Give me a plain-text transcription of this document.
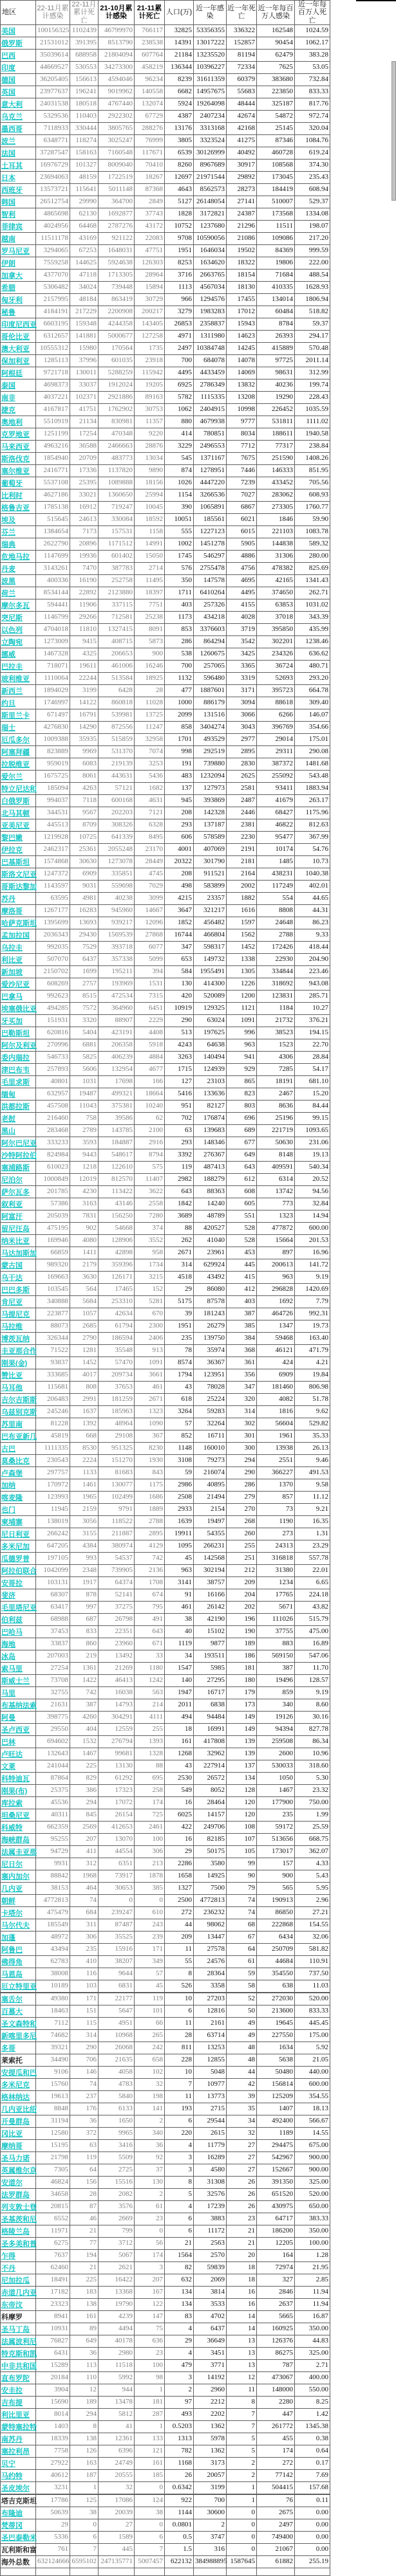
地区	22-11月累计感染	22-11月累计死亡	21-10月累计感染	21-11累计死亡	人口(万)	近一年感染	近一年死亡	近一年每百万人感染	近一年每百万人死亡
美国	100156325	1102439	46799970	766117	32825	53356355	336322	162548	1024.59
俄罗斯	21531012	391395	8513790	238538	14391	13017222	152857	90454	1062.17
巴西	35039614	688958	21804094	607764	21184	13235520	81194	62479	383.28
印度	44669527	530553	34273300	458219	136344	10396227	72334	7625	53.05
德国	36205405	156613	4594046	96234	8239	31611359	60379	383680	732.84
英国	23977637	196241	9019962	140558	6682	14957675	55683	223850	833.33
意大利	24031538	180518	4767440	132074	5924	19264098	48444	325187	817.76
乌克兰	5329536	110403	2922302	67729	4387	2407234	42674	54872	972.74
墨西哥	7118933	330444	3805765	288276	13176	3313168	42168	25145	320.04
波兰	6348771	118274	3025247	76999	3805	3323524	41275	87346	1084.76
法国	37287547	158163	7160548	117671	6539	30126999	40492	460728	619.24
土耳其	16976729	101327	8009040	70410	8260	8967689	30917	108568	374.30
日本	23694063	48159	1722519	18267	12697	21971544	29892	173045	235.43
西班牙	13573721	115641	5011148	87368	4643	8562573	28273	184419	608.94
韩国	26512754	29990	364700	2849	5127	26148054	27141	510007	529.37
智利	4865698	62130	1692877	37743	1828	3172821	24387	173568	1334.08
菲律宾	4024956	64468	2787276	43172	10752	1237680	21296	11511	198.07
越南	11511178	43169	921122	22083	9708	10590056	21086	109086	217.20
罗马尼亚	3294065	67253	1648031	47751	1951	1646034	19502	84369	999.59
伊朗	7559258	144625	5924638	126303	8253	1634620	18322	19806	222.00
加拿大	4377070	47118	1713305	28964	3716	2663765	18154	71684	488.54
希腊	5306482	34024	739448	15894	1113	4567034	18130	410335	1628.93
匈牙利	2157995	48184	863419	30729	966	1294576	17455	134014	1806.94
秘鲁	4184191	217229	2200908	200217	3279	1983283	17012	60484	518.82
印度尼西亚	6603195	159348	4244358	143405	26853	2358837	15943	8784	59.37
哥伦比亚	6312657	141881	5000677	127258	4971	1311980	14623	26393	294.17
澳大利亚	10555312	15980	170564	1735	2497	10384748	14245	415889	570.48
保加利亚	1285113	37996	601035	23918	700	684078	14078	97725	2011.14
阿根廷	9721718	130011	5288259	115942	4495	4433459	14069	98631	312.99
泰国	4698373	33037	1912024	19205	6925	2786349	13832	40236	199.74
南非	4037221	102371	2921886	89163	5782	1115335	13208	19290	228.43
捷克	4167817	41751	1762902	30753	1062	2404915	10998	226452	1035.59
奥地利	5510919	21134	830981	11357	880	4679938	9777	531811	1111.02
克罗地亚	1251199	17254	470348	9220	414	780851	8034	188611	1940.58
马来西亚	4963216	36588	2466663	28876	3229	2496553	7712	77317	238.84
斯洛伐克	1854940	20709	483773	13034	545	1371167	7675	251590	1408.26
塞尔维亚	2416771	17336	1137820	9890	874	1278951	7446	146333	851.95
葡萄牙	5537108	25395	1089888	18156	1026	4447220	7239	433452	705.56
比利时	4627186	33021	1360650	25994	1154	3266536	7027	283062	608.93
格鲁吉亚	1785138	16912	719247	10045	390	1065891	6867	273305	1760.77
埃及	515645	24613	330084	18592	10051	185561	6021	1846	59.90
芬兰	1384654	7173	157531	1158	555	1227123	6015	221103	1083.78
瑞典	2622790	20896	1171512	14991	1002	1451278	5905	144838	589.32
危地马拉	1147699	19936	601402	15050	1745	546297	4886	31306	280.00
丹麦	3143261	7470	387783	2714	576	2755478	4756	478382	825.69
波黑	400336	16190	252758	11495	350	147578	4695	42165	1341.43
荷兰	8534144	22892	2123880	18397	1711	6410264	4495	374650	262.71
摩尔多瓦	594441	11906	337115	7751	403	257326	4155	63853	1031.02
突尼斯	1146799	29266	712581	25238	1173	434218	4028	37018	343.39
以色列	4704018	11810	1327415	8091	853	3376603	3719	395850	435.99
立陶宛	1273009	9415	408715	5873	286	864294	3542	302201	1238.46
挪威	1467328	4325	206653	900	538	1260675	3425	234326	636.62
巴拉圭	718071	19611	461006	16246	700	257065	3365	36724	480.71
玻利维亚	1110064	22244	513584	18925	1132	596480	3319	52693	293.20
新西兰	1894029	3199	6428	28	477	1887601	3171	395723	664.78
约旦	1746997	14122	860818	11028	1000	886179	3094	88618	309.40
斯里兰卡	671497	16791	539981	13725	2099	131516	3066	6266	146.07
瑞士	4276830	14290	872556	11247	858	3404274	3043	396769	354.66
厄瓜多尔	1009388	35935	515859	32958	1701	493529	2977	29014	175.01
阿塞拜疆	823889	9969	531370	7074	998	292519	2895	29311	290.08
拉脱维亚	959019	6083	219139	3253	191	739880	2830	387372	1481.68
爱尔兰	1675725	8061	443631	5436	483	1232094	2625	255092	543.48
特立尼达和	185094	4263	57121	1682	137	127973	2581	93411	1883.94
白俄罗斯	994037	7118	600168	4631	945	393869	2487	41679	263.17
北马其顿	344531	9567	202203	7121	208	142328	2446	68427	1175.96
亚美尼亚	445513	8709	308326	6328	293	137187	2381	46822	812.63
黎巴嫩	1219928	10725	641339	8495	606	578589	2230	95477	367.99
伊拉克	2462317	25361	2055248	23170	4001	407069	2191	10174	54.76
巴基斯坦	1574868	30630	1273078	28449	20322	301790	2181	1485	10.73
斯洛文尼亚	1247372	6909	335851	4745	208	911521	2164	438231	1040.38
哥斯达黎加	1143597	9031	559698	7029	498	583899	2002	117249	402.01
苏丹	63595	4981	40238	3099	4215	23357	1882	554	44.65
摩洛哥	1267177	16283	945960	14667	3647	321217	1616	8808	44.31
哈萨克斯坦	1395699	13693	939217	12096	1852	456482	1597	24648	86.23
孟加拉国	2036343	29430	1569539	27868	16744	466804	1562	2788	9.33
乌拉圭	992035	7529	393718	6077	347	598317	1452	172426	418.44
利比亚	507070	6437	357338	5099	653	149732	1338	22930	204.90
新加坡	2150702	1699	195211	394	584	1955491	1305	334844	223.46
爱沙尼亚	608269	2757	193969	1531	130	414300	1226	318692	943.08
巴拿马	992623	8515	472534	7315	420	520089	1200	123831	285.71
埃塞俄比亚	494285	7572	364960	6451	10919	129325	1121	1184	10.27
牙买加	151931	3320	88907	2229	290	63024	1091	21732	376.21
巴勒斯坦	620816	5404	423191	4408	513	197625	996	38523	194.15
阿尔及利亚	270996	6881	206358	5918	4243	64638	963	1523	22.70
委内瑞拉	546733	5825	406239	4884	3263	140494	941	4306	28.84
津巴布韦	257893	5606	132954	4677	1715	124939	929	7285	54.17
毛里求斯	40801	1031	17698	166	127	23103	865	18191	681.10
缅甸	632957	19487	499321	18664	5416	133636	823	2467	15.20
洪都拉斯	457508	11043	375381	10240	951	82127	803	8636	84.44
老挝	216460	758	39586	62	702	176874	696	25196	99.15
黑山	283468	2789	143785	2100	63	139683	689	221719	1093.65
阿尔巴尼亚	333233	3593	184887	2916	293	148346	677	50630	231.06
沙特阿拉伯	824984	9443	548617	8794	3392	276367	649	8148	19.13
塞浦路斯	610023	1218	122610	575	119	487413	643	409591	540.34
尼泊尔	1000849	12019	812570	11407	2982	188279	612	6314	20.52
萨尔瓦多	201785	4230	113422	3622	643	88363	608	13742	94.56
叙利亚	57386	3163	43146	2558	1842	14240	605	773	32.84
阿富汗	205039	7831	156250	7280	3689	48789	551	1323	14.94
留尼汪岛	475195	902	54668	374	88	420527	528	477872	600.00
纳米比亚	169946	4080	128906	3552	262	41040	528	15664	201.53
马达加斯加	66859	1411	42898	958	2671	23961	453	897	16.96
蒙古国	989320	2179	359396	1734	314	629924	445	200613	141.72
乌干达	169663	3630	126171	3215	4518	43492	415	963	9.19
巴巴多斯	103545	564	17465	152	29	86080	412	296828	1420.69
肯尼亚	340888	5684	253310	5281	5175	87578	403	1692	7.79
马提尼克	223877	1057	42634	670	39	181243	387	464726	992.31
马拉维	88073	2685	61794	2300	1951	26279	385	1347	19.73
博茨瓦纳	326344	2790	186594	2406	235	139750	384	59468	163.40
圭亚那合作	71522	1281	35548	913	78	35974	368	46121	471.79
刚果(金)	93837	1452	57470	1091	8574	36367	361	424	4.21
赞比亚	333685	4017	209734	3661	1794	123951	356	6909	19.84
马耳他	115681	808	37653	461	43	78028	347	181460	806.98
吉尔吉斯斯	206483	2991	181259	2671	618	25224	320	4082	51.78
乌兹别克斯	245246	1637	185963	1323	3264	59283	314	1816	9.62
苏里南	81228	1392	48964	1090	57	32264	302	56604	529.82
巴布亚新几	45819	668	29108	367	852	16711	301	1961	35.33
古巴	1111335	8530	951325	8230	1148	160010	300	13938	26.13
莫桑比克	230543	2224	151270	1930	3108	79273	294	2551	9.46
卢森堡	297757	1133	81683	843	59	216074	290	366227	491.53
加纳	170972	1461	130077	1175	2986	40895	286	1370	9.58
喀麦隆	123993	1965	102499	1686	2508	21494	279	857	11.12
也门	11945	2159	9791	1889	2933	2154	270	73	9.21
柬埔寨	138019	3056	118522	2788	1639	19497	268	1190	16.35
尼日利亚	266242	3155	211887	2895	19911	54355	260	273	1.31
多米尼加	647205	4384	380974	4129	1095	266231	255	24313	23.29
瓜德罗普	197105	993	54537	742	45	142568	251	316818	557.78
阿拉伯联合	1042099	2348	739905	2136	963	302194	212	31380	22.01
安哥拉	103131	1917	64374	1708	3141	38757	209	1234	6.65
斐济	68307	878	52141	674	91	16166	204	17765	224.18
毛里塔尼亚	63417	997	37275	795	461	26142	202	5671	43.82
伯利兹	68988	687	26798	491	38	42190	196	111026	515.79
巴哈马	37453	833	22351	643	40	15102	190	37755	475.00
海地	33837	860	23960	671	1119	9877	189	883	16.89
冰岛	207003	219	13492	33	34	193511	186	569150	547.06
索马里	27254	1361	21269	1180	1547	5985	181	387	11.70
斯威士兰	73708	1422	46413	1242	140	27295	180	19496	128.57
马里	32755	742	16038	563	1947	16717	179	859	9.19
布基纳法索	21631	387	14793	214	2011	6838	173	340	8.60
阿曼	398775	4260	304291	4111	494	94484	149	19126	30.16
圣卢西亚	29550	404	12559	255	18	16991	149	94394	827.78
巴林	694602	1532	276794	1393	161	417808	139	259508	86.34
卢旺达	132643	1467	99681	1328	1268	32962	139	2600	10.96
文莱	241044	225	13130	88	43	227914	137	530033	318.60
科特迪瓦	87864	829	61292	695	2530	26572	134	1050	5.30
刚果(布)	25375	386	17323	258	549	8052	128	1467	23.32
库拉索	45536	294	17072	174	16	28464	120	177900	750.00
坦桑尼亚	40311	845	26154	725	6025	14157	120	235	1.99
科威特	662359	2569	412653	2461	422	249706	108	59172	25.59
海峡群岛	95255	207	13070	100	16	82185	107	513656	668.75
法属圭亚那	94729	411	44554	306	29	50175	105	173017	362.07
尼日尔	9931	312	6351	213	2286	3580	99	157	4.33
塞内加尔	88842	1968	73917	1878	1658	14925	90	900	5.43
几内亚	38153	464	30653	385	1327	7500	79	565	5.95
朝鲜	4772813	74	0	0	2500	4772813	74	190913	2.96
卡塔尔	475479	684	239247	610	272	236232	74	86850	27.21
马尔代夫	185549	311	87487	243	44	98062	68	222868	154.55
加蓬	48972	306	35525	239	209	13447	67	6434	32.06
阿鲁巴	43494	235	15916	171	11	27578	64	250709	581.82
佛得角	62783	410	38207	349	55	24576	61	44684	110.91
马恩岛	38008	116	9644	57	8	28364	59	354550	737.50
厄立特里亚	10189	103	6831	45	526	3358	58	638	11.03
塞舌尔	49380	171	22177	119	10	27203	52	272030	520.00
百慕大	18463	151	5647	101	6	12816	50	213600	833.33
圣文森特和	7112	115	4951	66	11	2161	49	19645	445.45
新喀里多尼	74682	314	10968	265	28	63714	49	227550	175.00
多哥	39321	290	26068	242	811	13253	48	1634	5.92
莱索托	34490	706	21635	658	228	12855	48	5638	21.05
安提瓜和巴	9106	146	4058	102	10	5048	44	50480	440.00
多米尼克	15760	74	4783	32	7	10977	42	156814	600.00
格林纳达	19613	237	5840	198	11	13773	39	125209	354.55
几内亚比绍	8848	176	6133	141	193	2715	35	1407	18.13
开曼群岛	31194	36	1650	2	6	29544	34	492400	566.67
冈比亚	12580	372	9965	340	220	2615	32	1189	14.55
摩纳哥	15195	63	3416	36	4	11779	27	294475	675.00
圣马力诺	21798	119	5509	92	3	16289	27	542967	900.00
英属维尔京	7305	64	2725	37	3	4580	27	152667	900.00
安道尔	46824	156	15516	130	8	31308	26	391350	325.00
法罗群岛	34658	28	2082	2	5	32576	26	651520	520.00
列支敦士登	20815	87	3576	61	4	17239	26	430975	650.00
圣基茨和尼	6552	46	2669	23	6	3883	23	64717	383.33
格陵兰岛	11971	21	799	0	6	11172	21	186200	350.00
圣多美和普	6275	77	3712	56	21	2563	21	12205	100.00
乍得	7637	194	5067	174	1564	2570	20	164	1.28
不丹	62460	21	2621	3	82	59839	18	72974	21.95
尼加拉瓜	18491	225	16422	207	632	2069	18	327	2.85
赤道几内亚	17182	183	13368	167	134	3814	16	2846	11.94
东帝汶	23323	138	19790	122	134	3533	16	2637	11.94
科摩罗	8941	161	4239	147	83	4702	14	5665	16.87
圣马丁岛	10931	89	4494	75	4	6437	14	160925	350.00
法属波利尼	76827	649	40178	636	29	36649	13	126376	44.83
特克斯和凯	6431	36	2980	23	4	3451	13	86275	325.00
中非共和国	15289	113	11518	100	479	3771	13	787	2.71
直布罗陀	20184	110	5992	98	3	14192	12	473067	400.00
安圭拉	3904	12	944	1	2	2960	11	148000	550.00
吉布提	15690	189	13478	181	97	2212	8	2280	8.25
利比里亚	8014	294	5812	287	493	2202	7	447	1.42
蒙特塞拉特	1403	8	41	1	0.5203	1362	7	261772	1345.38
南苏丹	18339	138	12361	133	1313	5978	5	455	0.38
塞拉利昂	7758	126	6396	121	782	1362	5	174	0.64
贝宁	27922	163	24749	161	1168	3173	2	272	0.17
马约特	40612	187	20555	185	26	20057	2	77142	7.69
圣皮埃尔	3231	1	32	0	0.6342	3199	1	504415	157.68
塔吉克斯坦	17786	125	17086	124	922	700	1	76	0.11
布隆迪	50639	38	20039	38	1144	30600	0	2675	0.00
梵蒂冈	29	0	27	0	0.0801	2	0	2497	0.00
圣巴泰勒米	5336	6	1589	6	0.5	3747	0	749400	0.00
瓦利斯和富	761	7	445	7	1.5	316	0	21067	0.00
海外总数	632124666	6595102	247135771	5007457	622132	384988895	1587645	61882	255.19
